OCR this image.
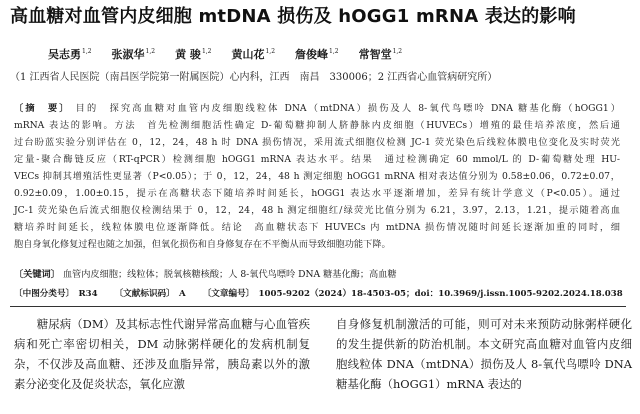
高血糖对血管内皮细胞 mtDNA 损伤及 hOGG1 mRNA 表达的影响
吴志勇$^{1,2}$ 张淑华$^{1,2}$ 黄 骏$^{1,2}$ 黄山花$^{1,2}$ 詹俊峰$^{1,2}$ 常智堂$^{1,2}$
（1 江西省人民医院（南昌医学院第一附属医院）心内科，江西　南昌　330006；2 江西省心血管病研究所）
〔摘　要〕 目的　探究高血糖对血管内皮细胞线粒体 DNA（mtDNA）损伤及人 8-氧代鸟嘌呤 DNA 糖基化酶（hOGG1）
mRNA 表达的影响。方法　首先检测细胞活性确定 D-葡萄糖抑制人脐静脉内皮细胞（HUVECs）增殖的最佳培养浓度，然后通
过台盼蓝实验分别评估在 0，12，24，48 h 时 DNA 损伤情况，采用流式细胞仪检测 JC-1 荧光染色后线粒体膜电位变化及实时荧光
定量-聚合酶链反应（RT-qPCR）检测细胞 hOGG1 mRNA 表达水平。结果　通过检测确定 60 mmol/L 的 D-葡萄糖处理 HU-
VECs 抑制其增殖活性更显著（P<0.05）；于 0，12，24，48 h 测定细胞 hOGG1 mRNA 相对表达值分别为 0.58±0.06，0.72±0.07，
0.92±0.09，1.00±0.15，提示在高糖状态下随培养时间延长，hOGG1 表达水平逐渐增加，差异有统计学意义（P<0.05）。通过
JC-1 荧光染色后流式细胞仪检测结果于 0，12，24，48 h 测定细胞红/绿荧光比值分别为 6.21，3.97，2.13，1.21，提示随着高血
糖培养时间延长，线粒体膜电位逐渐降低。结论　高血糖状态下 HUVECs 内 mtDNA 损伤情况随时间延长逐渐加重的同时，细
胞自身氧化修复过程也随之加强，但氧化损伤和自身修复存在不平衡从而导致细胞功能下降。
〔关键词〕 血管内皮细胞；线粒体；脱氧核糖核酸；人 8-氧代鸟嘌呤 DNA 糖基化酶；高血糖
〔中图分类号〕　R34 〔文献标识码〕　A 〔文章编号〕　1005-9202（2024）18-4503-05；doi：10.3969/j.issn.1005-9202.2024.18.038

糖尿病（DM）及其标志性代谢异常高血糖与心血管疾病和死亡率密切相关，DM 动脉粥样硬化的发病机制复杂，不仅涉及高血糖、还涉及血脂异常，胰岛素以外的激素分泌变化及促炎状态，氧化应激

自身修复机制激活的可能，则可对未来预防动脉粥样硬化的发生提供新的防治机制。本文研究高血糖对血管内皮细胞线粒体 DNA（mtDNA）损伤及人 8-氧代鸟嘌呤 DNA 糖基化酶（hOGG1）mRNA 表达的
